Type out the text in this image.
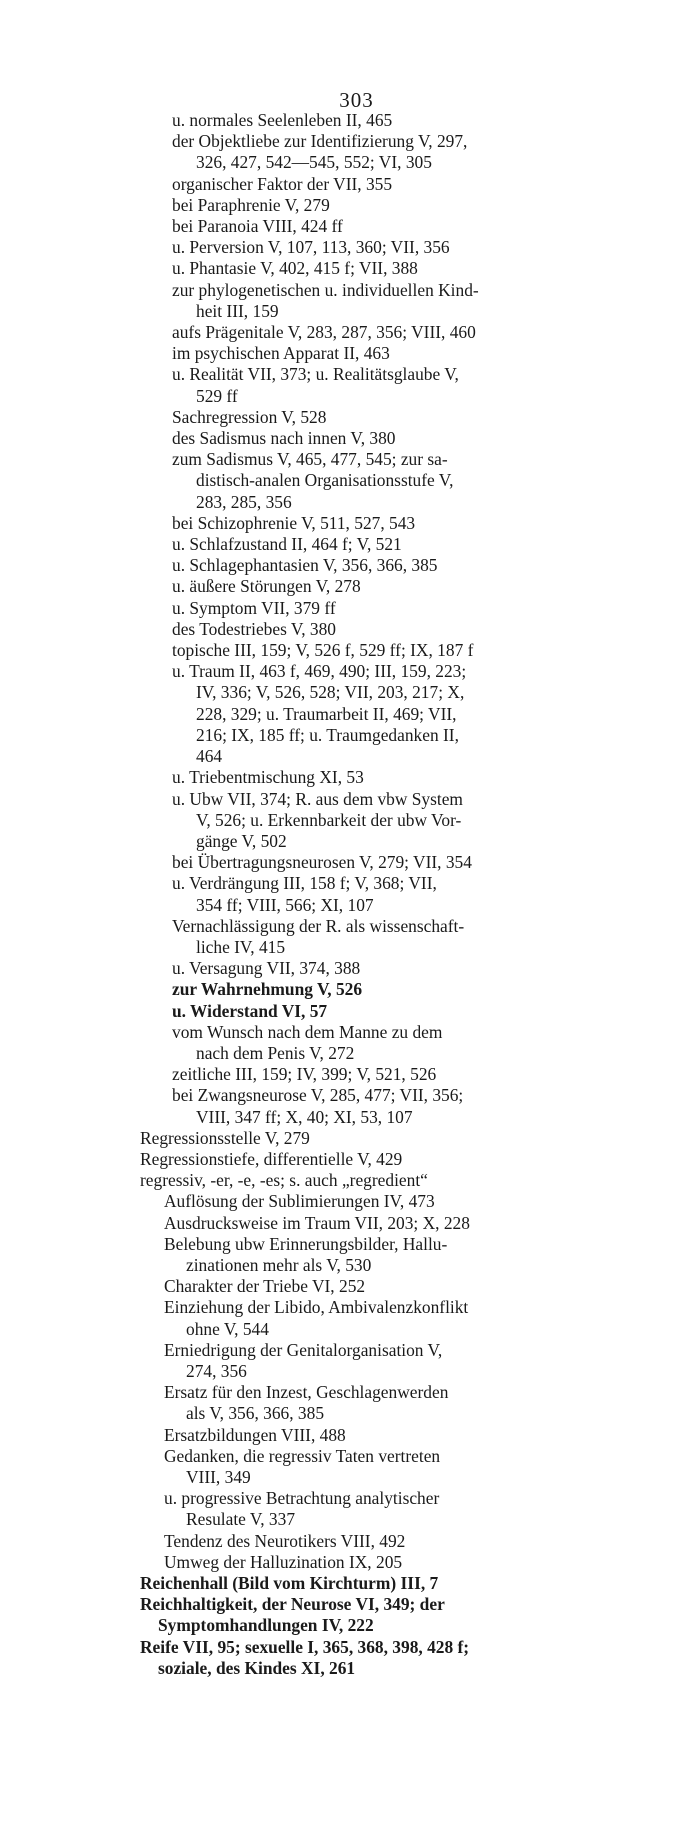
303
u. normales Seelenleben II, 465
der Objektliebe zur Identifizierung V, 297,
326, 427, 542—545, 552; VI, 305
organischer Faktor der VII, 355
bei Paraphrenie V, 279
bei Paranoia VIII, 424 ff
u. Perversion V, 107, 113, 360; VII, 356
u. Phantasie V, 402, 415 f; VII, 388
zur phylogenetischen u. individuellen Kind-
heit III, 159
aufs Prägenitale V, 283, 287, 356; VIII, 460
im psychischen Apparat II, 463
u. Realität VII, 373; u. Realitätsglaube V,
529 ff
Sachregression V, 528
des Sadismus nach innen V, 380
zum Sadismus V, 465, 477, 545; zur sa-
distisch-analen Organisationsstufe V,
283, 285, 356
bei Schizophrenie V, 511, 527, 543
u. Schlafzustand II, 464 f; V, 521
u. Schlagephantasien V, 356, 366, 385
u. äußere Störungen V, 278
u. Symptom VII, 379 ff
des Todestriebes V, 380
topische III, 159; V, 526 f, 529 ff; IX, 187 f
u. Traum II, 463 f, 469, 490; III, 159, 223;
IV, 336; V, 526, 528; VII, 203, 217; X,
228, 329; u. Traumarbeit II, 469; VII,
216; IX, 185 ff; u. Traumgedanken II,
464
u. Triebentmischung XI, 53
u. Ubw VII, 374; R. aus dem vbw System
V, 526; u. Erkennbarkeit der ubw Vor-
gänge V, 502
bei Übertragungsneurosen V, 279; VII, 354
u. Verdrängung III, 158 f; V, 368; VII,
354 ff; VIII, 566; XI, 107
Vernachlässigung der R. als wissenschaft-
liche IV, 415
u. Versagung VII, 374, 388
zur Wahrnehmung V, 526
u. Widerstand VI, 57
vom Wunsch nach dem Manne zu dem
nach dem Penis V, 272
zeitliche III, 159; IV, 399; V, 521, 526
bei Zwangsneurose V, 285, 477; VII, 356;
VIII, 347 ff; X, 40; XI, 53, 107
Regressionsstelle V, 279
Regressionstiefe, differentielle V, 429
regressiv, -er, -e, -es; s. auch „regredient“
Auflösung der Sublimierungen IV, 473
Ausdrucksweise im Traum VII, 203; X, 228
Belebung ubw Erinnerungsbilder, Hallu-
zinationen mehr als V, 530
Charakter der Triebe VI, 252
Einziehung der Libido, Ambivalenzkonflikt
ohne V, 544
Erniedrigung der Genitalorganisation V,
274, 356
Ersatz für den Inzest, Geschlagenwerden
als V, 356, 366, 385
Ersatzbildungen VIII, 488
Gedanken, die regressiv Taten vertreten
VIII, 349
u. progressive Betrachtung analytischer
Resulate V, 337
Tendenz des Neurotikers VIII, 492
Umweg der Halluzination IX, 205
Reichenhall (Bild vom Kirchturm) III, 7
Reichhaltigkeit, der Neurose VI, 349; der
Symptomhandlungen IV, 222
Reife VII, 95; sexuelle I, 365, 368, 398, 428 f;
soziale, des Kindes XI, 261
